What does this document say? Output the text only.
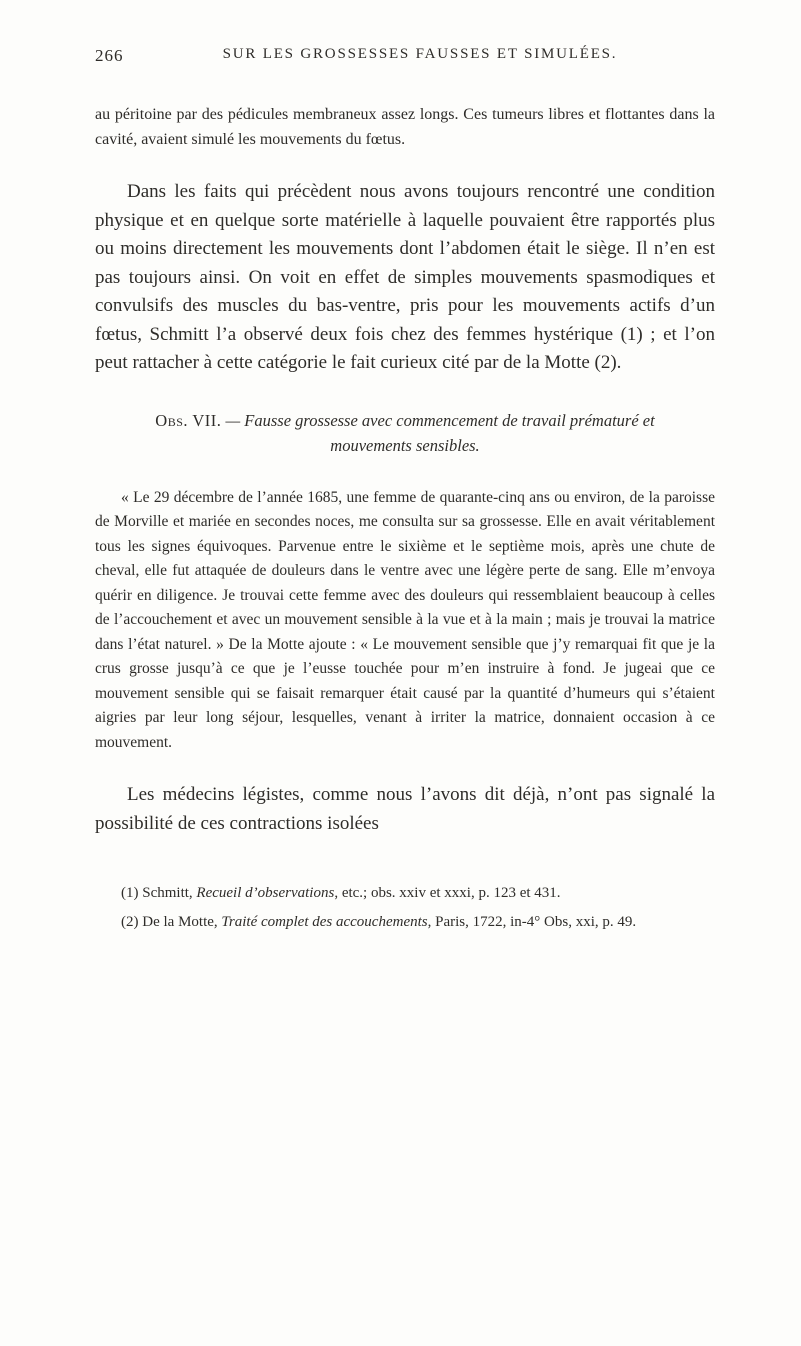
266	SUR LES GROSSESSES FAUSSES ET SIMULÉES.

au péritoine par des pédicules membraneux assez longs. Ces tumeurs libres et flottantes dans la cavité, avaient simulé les mouvements du fœtus.

Dans les faits qui précèdent nous avons toujours rencontré une condition physique et en quelque sorte matérielle à laquelle pouvaient être rapportés plus ou moins directement les mouvements dont l’abdomen était le siège. Il n’en est pas toujours ainsi. On voit en effet de simples mouvements spasmodiques et convulsifs des muscles du bas-ventre, pris pour les mouvements actifs d’un fœtus, Schmitt l’a observé deux fois chez des femmes hystérique (1) ; et l’on peut rattacher à cette catégorie le fait curieux cité par de la Motte (2).

Obs. VII. — Fausse grossesse avec commencement de travail prématuré et mouvements sensibles.

« Le 29 décembre de l’année 1685, une femme de quarante-cinq ans ou environ, de la paroisse de Morville et mariée en secondes noces, me consulta sur sa grossesse. Elle en avait véritablement tous les signes équivoques. Parvenue entre le sixième et le septième mois, après une chute de cheval, elle fut attaquée de douleurs dans le ventre avec une légère perte de sang. Elle m’envoya quérir en diligence. Je trouvai cette femme avec des douleurs qui ressemblaient beaucoup à celles de l’accouchement et avec un mouvement sensible à la vue et à la main ; mais je trouvai la matrice dans l’état naturel. » De la Motte ajoute : « Le mouvement sensible que j’y remarquai fit que je la crus grosse jusqu’à ce que je l’eusse touchée pour m’en instruire à fond. Je jugeai que ce mouvement sensible qui se faisait remarquer était causé par la quantité d’humeurs qui s’étaient aigries par leur long séjour, lesquelles, venant à irriter la matrice, donnaient occasion à ce mouvement.

Les médecins légistes, comme nous l’avons dit déjà, n’ont pas signalé la possibilité de ces contractions isolées

(1) Schmitt, Recueil d’observations, etc.; obs. xxiv et xxxi, p. 123 et 431.

(2) De la Motte, Traité complet des accouchements, Paris, 1722, in-4° Obs, xxi, p. 49.
